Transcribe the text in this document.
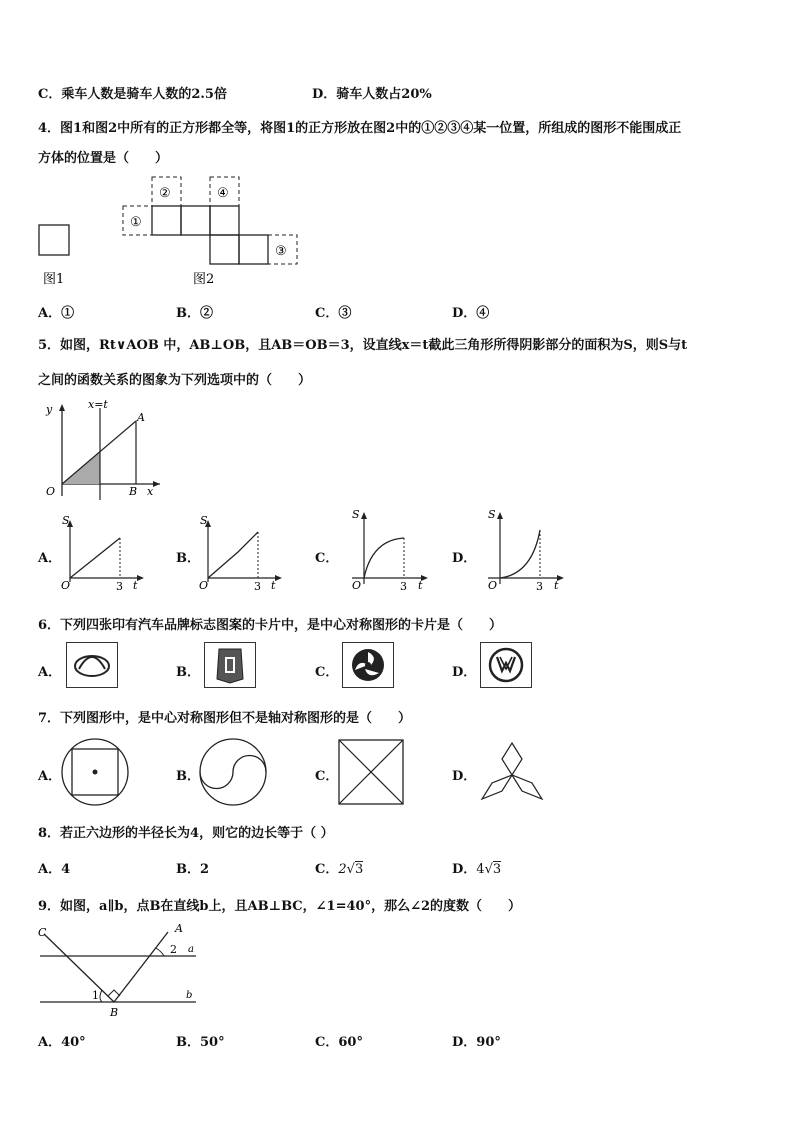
C．乘车人数是骑车人数的2.5倍	D．骑车人数占20%
4．图1和图2中所有的正方形都全等，将图1的正方形放在图2中的①②③④某一位置，所组成的图形不能围成正
方体的位置是（　　）
图1
①
②
③
④
图2
A．①	B．②	C．③	D．④
5．如图，Rt∨AOB 中，AB⊥OB，且AB＝OB＝3，设直线x＝t截此三角形所得阴影部分的面积为S，则S与t
之间的函数关系的图象为下列选项中的（　　）
y	x=t
A
O	B x
A．	B．	C．	D．
S
O	3 t
S
O	3 t
S
O	3 t
S
O	3 t
6．下列四张印有汽车品牌标志图案的卡片中，是中心对称图形的卡片是（　　）
A．	B．	C．	D．
7．下列图形中，是中心对称图形但不是轴对称图形的是（　　）
A．	B．	C．	D．
8．若正六边形的半径长为4，则它的边长等于（ ）
A．4	B．2	C．2√3	D．4√3
9．如图，a∥b，点B在直线b上，且AB⊥BC，∠1=40°，那么∠2的度数（　　）
C	A
2 a
1	b
B
A．40°	B．50°	C．60°	D．90°
